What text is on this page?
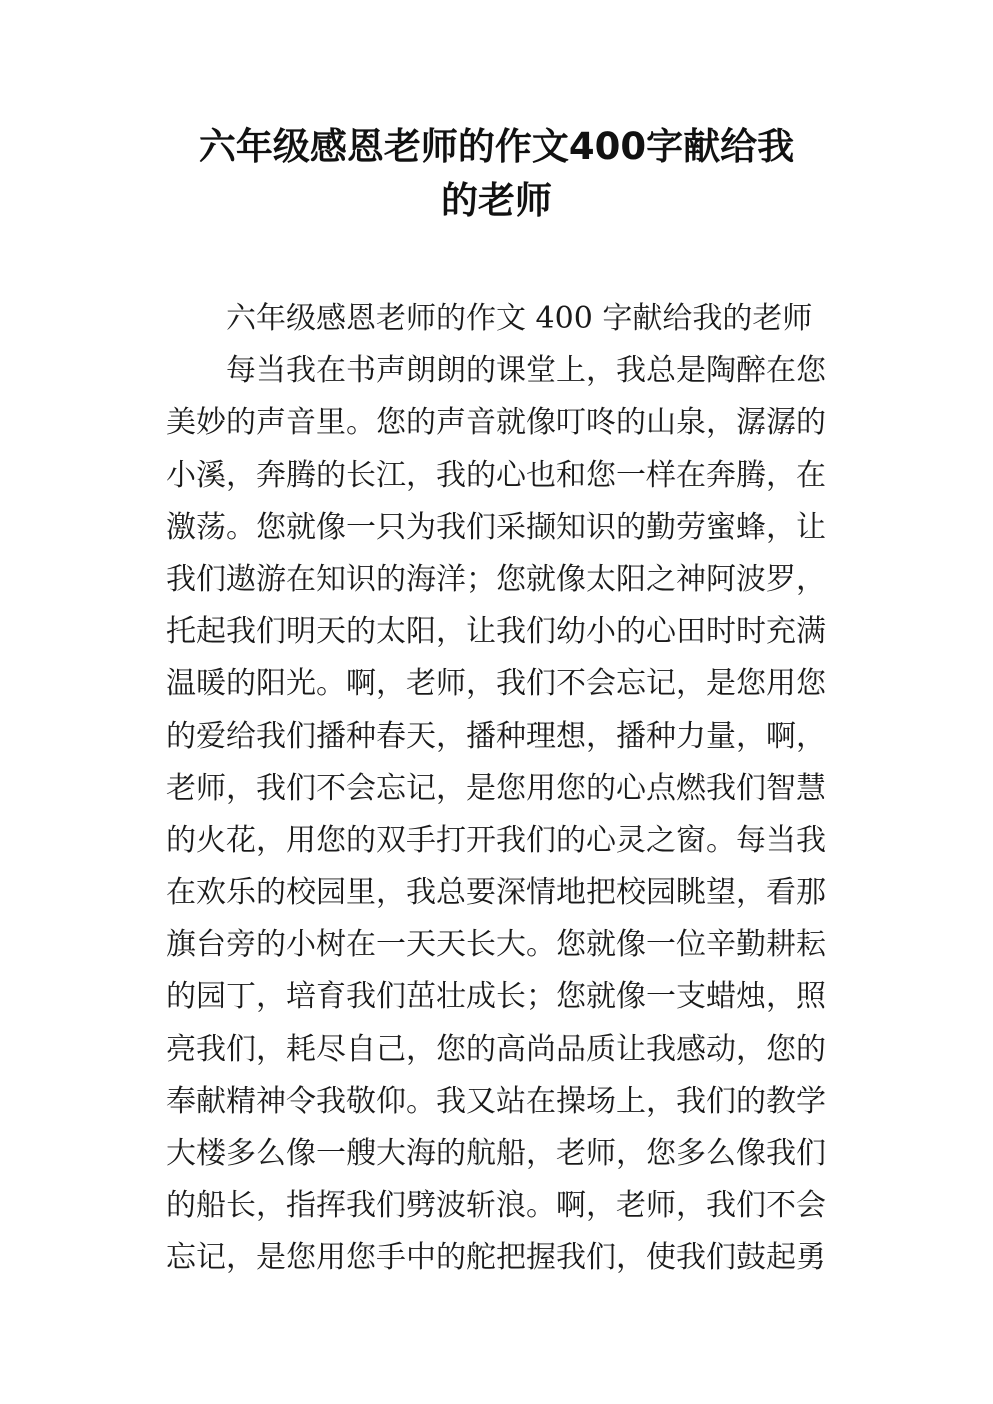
六年级感恩老师的作文400字献给我
的老师
六年级感恩老师的作文 400 字献给我的老师
每当我在书声朗朗的课堂上，我总是陶醉在您
美妙的声音里。您的声音就像叮咚的山泉，潺潺的
小溪，奔腾的长江，我的心也和您一样在奔腾，在
激荡。您就像一只为我们采撷知识的勤劳蜜蜂，让
我们遨游在知识的海洋；您就像太阳之神阿波罗，
托起我们明天的太阳，让我们幼小的心田时时充满
温暖的阳光。啊，老师，我们不会忘记，是您用您
的爱给我们播种春天，播种理想，播种力量，啊，
老师，我们不会忘记，是您用您的心点燃我们智慧
的火花，用您的双手打开我们的心灵之窗。每当我
在欢乐的校园里，我总要深情地把校园眺望，看那
旗台旁的小树在一天天长大。您就像一位辛勤耕耘
的园丁，培育我们茁壮成长；您就像一支蜡烛，照
亮我们，耗尽自己，您的高尚品质让我感动，您的
奉献精神令我敬仰。我又站在操场上，我们的教学
大楼多么像一艘大海的航船，老师，您多么像我们
的船长，指挥我们劈波斩浪。啊，老师，我们不会
忘记，是您用您手中的舵把握我们，使我们鼓起勇
